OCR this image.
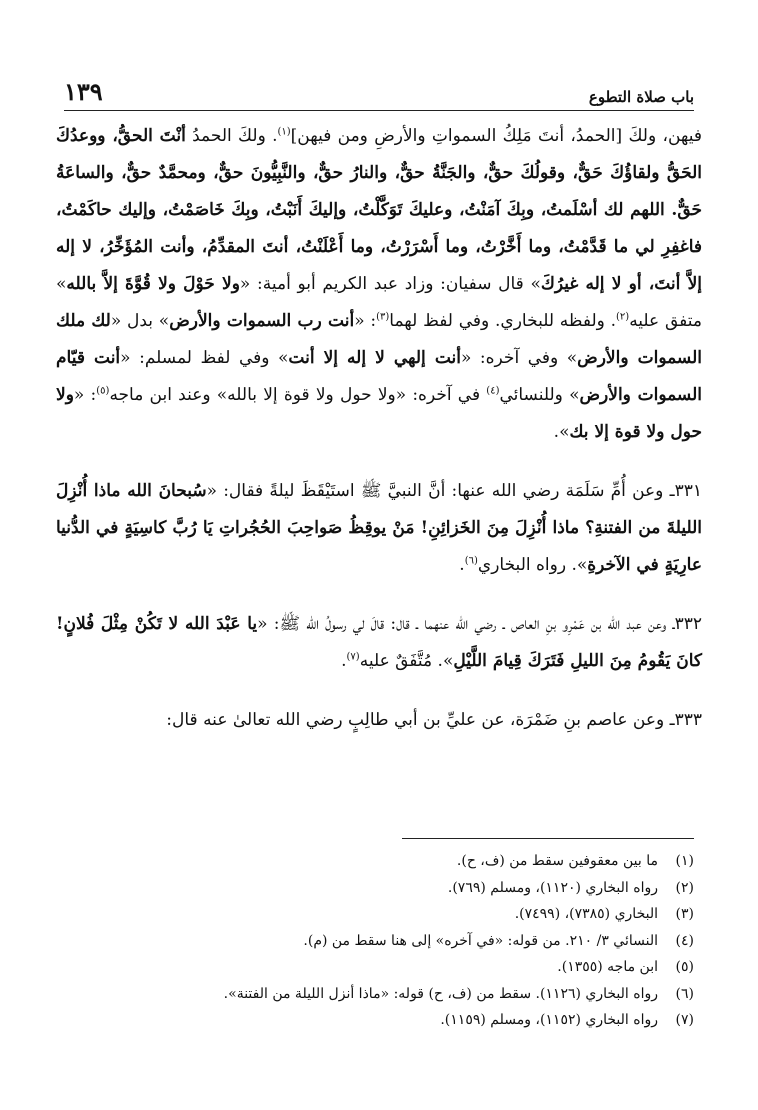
باب صلاة التطوع
١٣٩

فيهن، ولكَ [الحمدُ، أنتَ مَلِكُ السمواتِ والأرضِ ومن فيهن]$^{(١)}$. ولكَ الحمدُ أنْتَ الحقُّ، ووعدُكَ الحَقُّ ولقاؤُكَ حَقٌّ، وقولُكَ حقٌّ، والجَنَّةُ حقٌّ، والنارُ حقٌّ، والنَّبِيُّونَ حقٌّ، ومحمَّدٌ حقٌّ، والساعَةُ حَقٌّ. اللهم لك أسْلَمتُ، وبِكَ آمَنْتُ، وعليكَ تَوَكَّلْتُ، وإليكَ أَنَبْتُ، وبِكَ خَاصَمْتُ، وإليك حاكَمْتُ، فاغفِرِ لي ما قَدَّمْتُ، وما أَخَّرْتُ، وما أَسْرَرْتُ، وما أَعْلَنْتُ، أنتَ المقدِّمُ، وأنت المُؤَخِّرُ، لا إله إلاَّ أنتَ، أو لا إله غيرُكَ» قال سفيان: وزاد عبد الكريم أبو أمية: «ولا حَوْلَ ولا قُوَّةَ إلاَّ بالله» متفق عليه$^{(٢)}$. ولفظه للبخاري. وفي لفظ لهما$^{(٣)}$: «أنت رب السموات والأرض» بدل «لك ملك السموات والأرض» وفي آخره: «أنت إلهي لا إله إلا أنت» وفي لفظ لمسلم: «أنت قيّام السموات والأرض» وللنسائي$^{(٤)}$ في آخره: «ولا حول ولا قوة إلا بالله» وعند ابن ماجه$^{(٥)}$: «ولا حول ولا قوة إلا بك».

٣٣١ـ وعن أُمِّ سَلَمَة رضي الله عنها: أنَّ النبيَّ ﷺ استَيْقَظَ ليلةً فقال: «سُبحانَ الله ماذا أُنْزِلَ الليلةَ من الفتنةِ؟ ماذا أُنْزِلَ مِنَ الخَزائِنِ! مَنْ يوقِظُ صَواحِبَ الحُجُراتِ يَا رُبَّ كاسِيَةٍ في الدُّنيا عارِيَةٍ في الآخرةِ». رواه البخاري$^{(٦)}$.

٣٣٢ـ وعن عبد الله بن عَمْرِو بنِ العاص ـ رضي الله عنهما ـ قال: قالَ لي رسولُ الله ﷺ: «يا عَبْدَ الله لا تَكُنْ مِثْلَ فُلانٍ! كانَ يَقُومُ مِنَ الليلِ فَتَرَكَ قِيامَ اللَّيْلِ». مُتَّفَقٌ عليه$^{(٧)}$.

٣٣٣ـ وعن عاصم بنِ ضَمْرَة، عن عليِّ بن أبي طالِبٍ رضي الله تعالىٰ عنه قال:

(١)
ما بين معقوفين سقط من (ف، ح).
(٢)
رواه البخاري (١١٢٠)، ومسلم (٧٦٩).
(٣)
البخاري (٧٣٨٥)، (٧٤٩٩).
(٤)
النسائي ٣/ ٢١٠. من قوله: «في آخره» إلى هنا سقط من (م).
(٥)
ابن ماجه (١٣٥٥).
(٦)
رواه البخاري (١١٢٦). سقط من (ف، ح) قوله: «ماذا أنزل الليلة من الفتنة».
(٧)
رواه البخاري (١١٥٢)، ومسلم (١١٥٩).
